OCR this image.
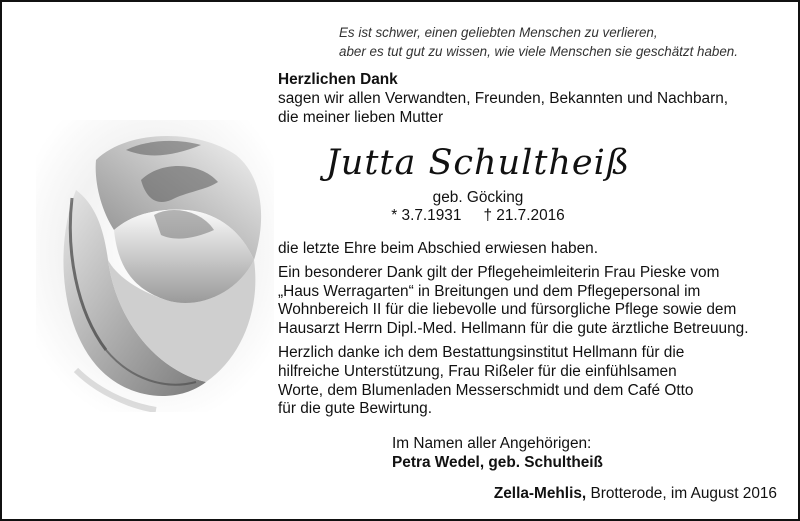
Es ist schwer, einen geliebten Menschen zu verlieren,
aber es tut gut zu wissen, wie viele Menschen sie geschätzt haben.
Herzlichen Dank
sagen wir allen Verwandten, Freunden, Bekannten und Nachbarn,
die meiner lieben Mutter
Jutta Schultheiß
geb. Göcking
* 3.7.1931 † 21.7.2016

die letzte Ehre beim Abschied erwiesen haben.

Ein besonderer Dank gilt der Pflegeheimleiterin Frau Pieske vom
„Haus Werragarten“ in Breitungen und dem Pflegepersonal im
Wohnbereich II für die liebevolle und fürsorgliche Pflege sowie dem
Hausarzt Herrn Dipl.-Med. Hellmann für die gute ärztliche Betreuung.

Herzlich danke ich dem Bestattungsinstitut Hellmann für die
hilfreiche Unterstützung, Frau Rißeler für die einfühlsamen
Worte, dem Blumenladen Messerschmidt und dem Café Otto
für die gute Bewirtung.

Im Namen aller Angehörigen:
Petra Wedel, geb. Schultheiß
Zella-Mehlis, Brotterode, im August 2016
